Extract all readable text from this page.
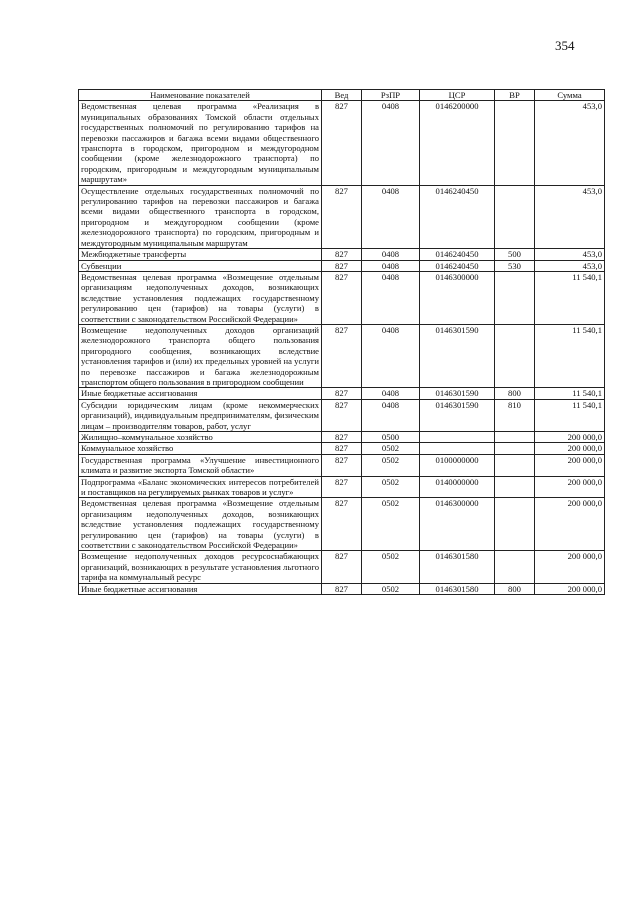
354
Наименование показателей	Вед	РзПР	ЦСР	ВР	Сумма
Ведомственная целевая программа «Реализация в муниципальных образованиях Томской области отдельных государственных полномочий по регулированию тарифов на перевозки пассажиров и багажа всеми видами общественного транспорта в городском, пригородном и междугородном сообщении (кроме железнодорожного транспорта) по городским, пригородным и междугородным муниципальным маршрутам»	827	0408	0146200000		453,0
Осуществление отдельных государственных полномочий по регулированию тарифов на перевозки пассажиров и багажа всеми видами общественного транспорта в городском, пригородном и междугородном сообщении (кроме железнодорожного транспорта) по городским, пригородным и междугородным муниципальным маршрутам	827	0408	0146240450		453,0
Межбюджетные трансферты	827	0408	0146240450	500	453,0
Субвенции	827	0408	0146240450	530	453,0
Ведомственная целевая программа «Возмещение отдельным организациям недополученных доходов, возникающих вследствие установления подлежащих государственному регулированию цен (тарифов) на товары (услуги) в соответствии с законодательством Российской Федерации»	827	0408	0146300000		11 540,1
Возмещение недополученных доходов организаций железнодорожного транспорта общего пользования пригородного сообщения, возникающих вследствие установления тарифов и (или) их предельных уровней на услуги по перевозке пассажиров и багажа железнодорожным транспортом общего пользования в пригородном сообщении	827	0408	0146301590		11 540,1
Иные бюджетные ассигнования	827	0408	0146301590	800	11 540,1
Субсидии юридическим лицам (кроме некоммерческих организаций), индивидуальным предпринимателям, физическим лицам – производителям товаров, работ, услуг	827	0408	0146301590	810	11 540,1
Жилищно–коммунальное хозяйство	827	0500			200 000,0
Коммунальное хозяйство	827	0502			200 000,0
Государственная программа «Улучшение инвестиционного климата и развитие экспорта Томской области»	827	0502	0100000000		200 000,0
Подпрограмма «Баланс экономических интересов потребителей и поставщиков на регулируемых рынках товаров и услуг»	827	0502	0140000000		200 000,0
Ведомственная целевая программа «Возмещение отдельным организациям недополученных доходов, возникающих вследствие установления подлежащих государственному регулированию цен (тарифов) на товары (услуги) в соответствии с законодательством Российской Федерации»	827	0502	0146300000		200 000,0
Возмещение недополученных доходов ресурсоснабжающих организаций, возникающих в результате установления льготного тарифа на коммунальный ресурс	827	0502	0146301580		200 000,0
Иные бюджетные ассигнования	827	0502	0146301580	800	200 000,0
